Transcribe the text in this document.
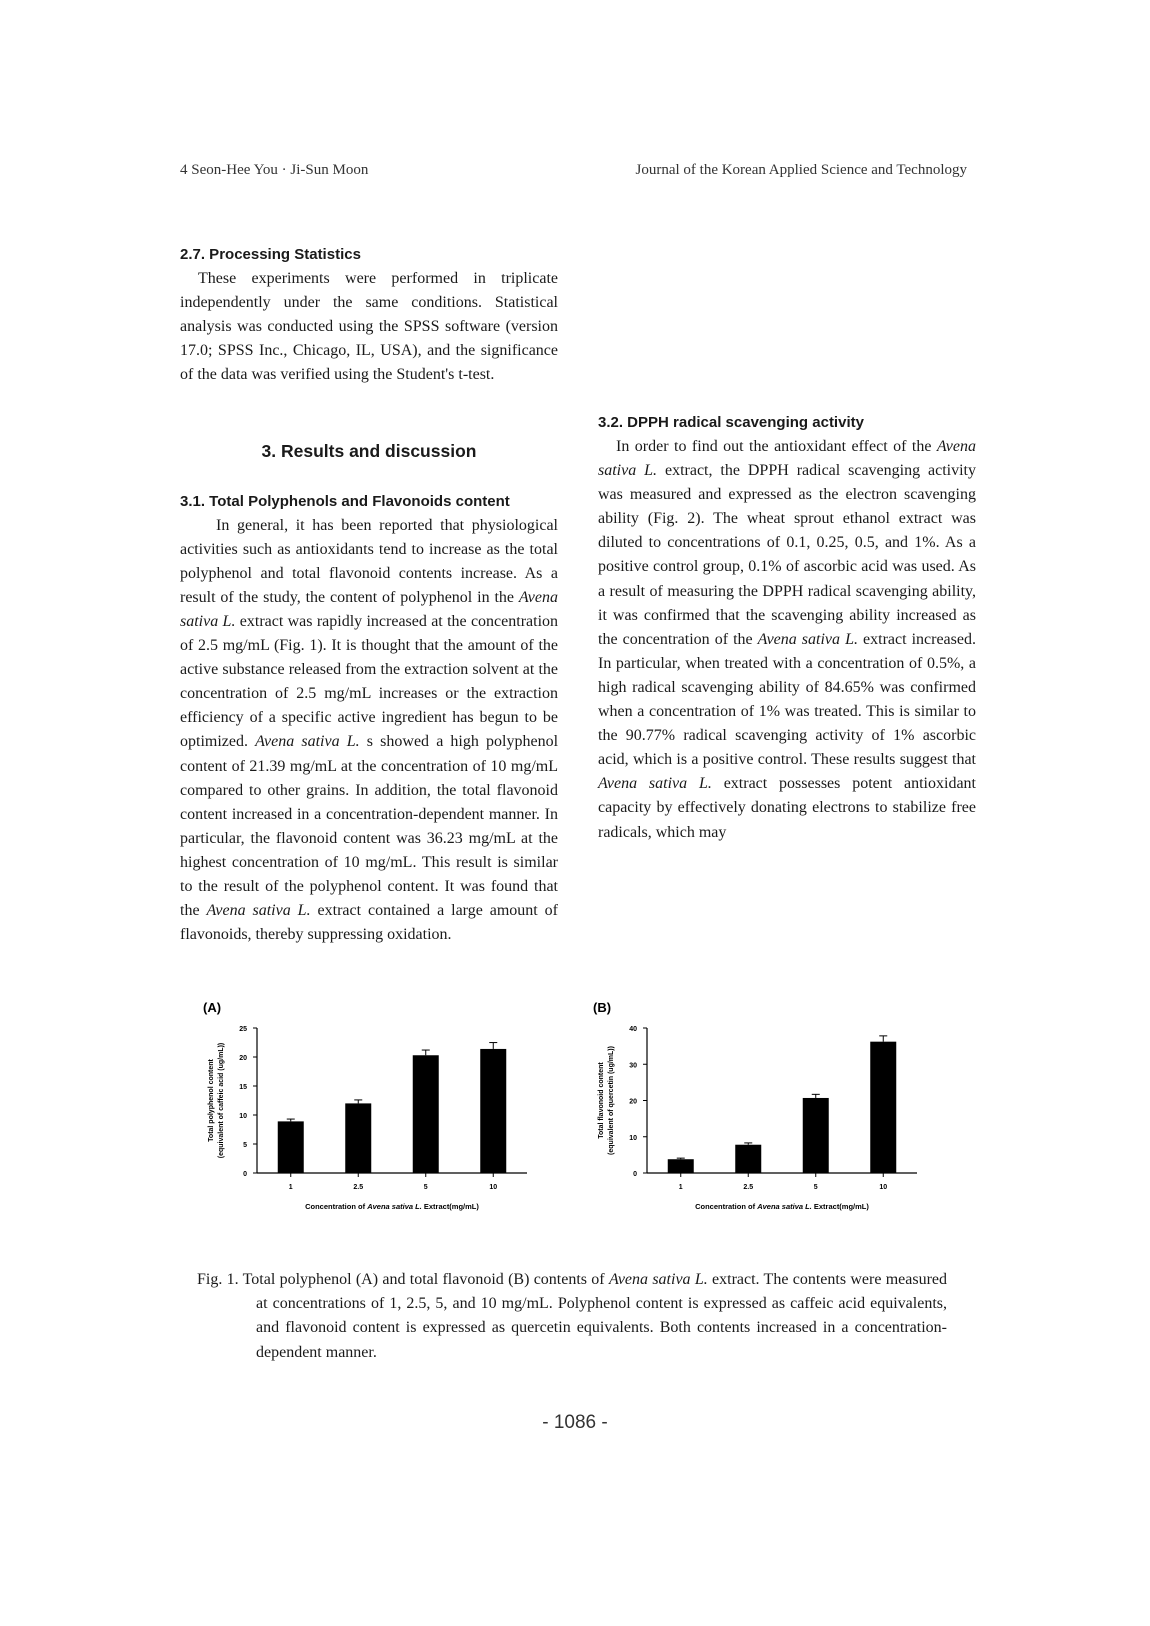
4 Seon-Hee You · Ji-Sun Moon	Journal of the Korean Applied Science and Technology

2.7. Processing Statistics

These experiments were performed in triplicate independently under the same conditions. Statistical analysis was conducted using the SPSS software (version 17.0; SPSS Inc., Chicago, IL, USA), and the significance of the data was verified using the Student's t-test.

3. Results and discussion

3.1. Total Polyphenols and Flavonoids content

In general, it has been reported that physiological activities such as antioxidants tend to increase as the total polyphenol and total flavonoid contents increase. As a result of the study, the content of polyphenol in the Avena sativa L. extract was rapidly increased at the concentration of 2.5 mg/mL (Fig. 1). It is thought that the amount of the active substance released from the extraction solvent at the concentration of 2.5 mg/mL increases or the extraction efficiency of a specific active ingredient has begun to be optimized. Avena sativa L. s showed a high polyphenol content of 21.39 mg/mL at the concentration of 10 mg/mL compared to other grains. In addition, the total flavonoid content increased in a concentration-dependent manner. In particular, the flavonoid content was 36.23 mg/mL at the highest concentration of 10 mg/mL. This result is similar to the result of the polyphenol content. It was found that the Avena sativa L. extract contained a large amount of flavonoids, thereby suppressing oxidation.

3.2. DPPH radical scavenging activity

In order to find out the antioxidant effect of the Avena sativa L. extract, the DPPH radical scavenging activity was measured and expressed as the electron scavenging ability (Fig. 2). The wheat sprout ethanol extract was diluted to concentrations of 0.1, 0.25, 0.5, and 1%. As a positive control group, 0.1% of ascorbic acid was used. As a result of measuring the DPPH radical scavenging ability, it was confirmed that the scavenging ability increased as the concentration of the Avena sativa L. extract increased. In particular, when treated with a concentration of 0.5%, a high radical scavenging ability of 84.65% was confirmed when a concentration of 1% was treated. This is similar to the 90.77% radical scavenging activity of 1% ascorbic acid, which is a positive control. These results suggest that Avena sativa L. extract possesses potent antioxidant capacity by effectively donating electrons to stabilize free radicals, which may

(A)
0
5
10
15
20
25
1	2.5	5	10
Concentration of Avena sativa L. Extract(mg/mL)
Total polyphenol content (equivalent of caffeic acid (ug/mL))
(B)
0
10
20
30
40
1	2.5	5	10
Concentration of Avena sativa L. Extract(mg/mL)
Total flavonoid content (equivalent of quercetin (ug/mL))
Fig. 1. Total polyphenol (A) and total flavonoid (B) contents of Avena sativa L. extract. The contents were measured at concentrations of 1, 2.5, 5, and 10 mg/mL. Polyphenol content is expressed as caffeic acid equivalents, and flavonoid content is expressed as quercetin equivalents. Both contents increased in a concentration-dependent manner.
- 1086 -
